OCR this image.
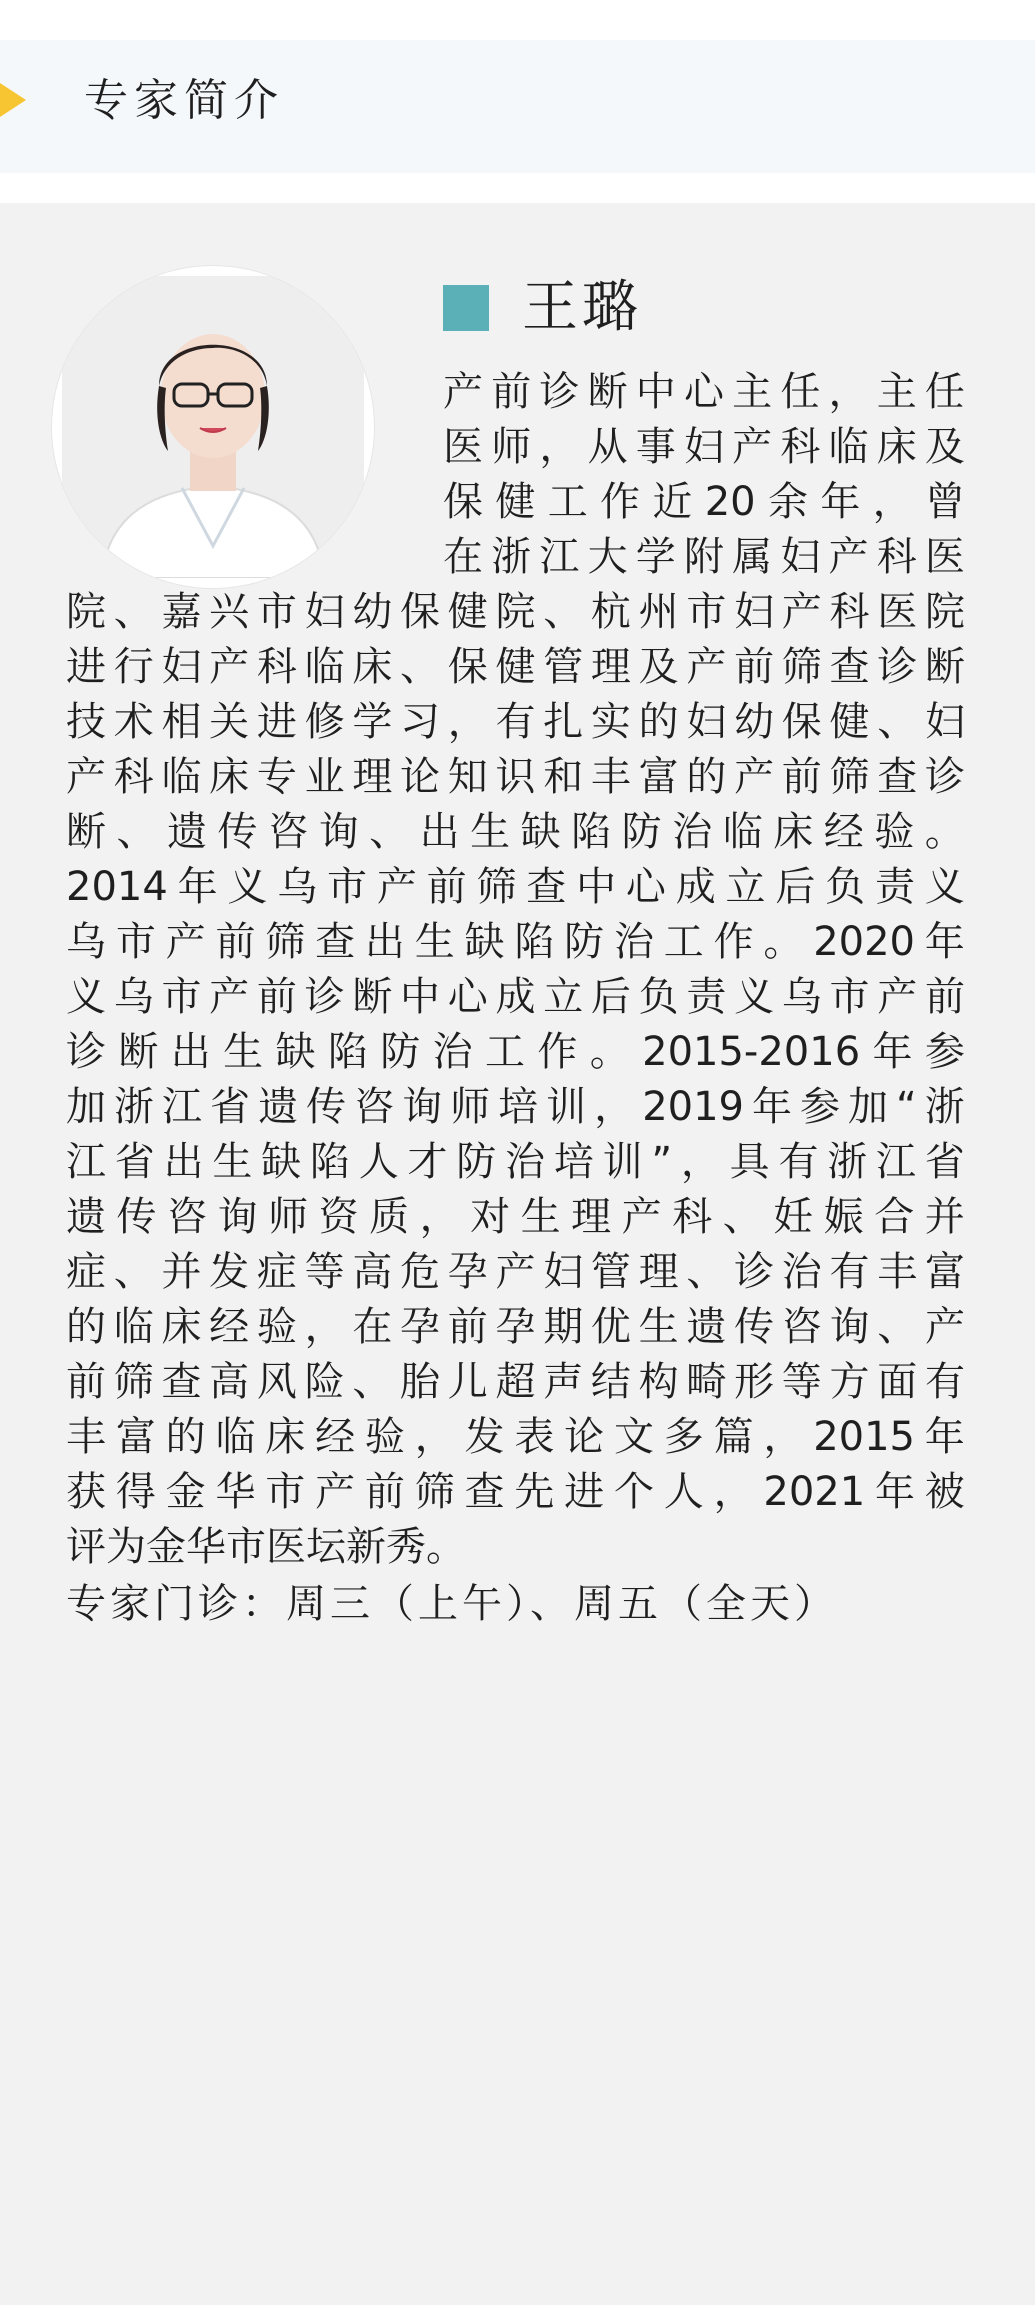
专家简介
王璐
产 前 诊 断 中 心 主 任 ， 主 任
医 师 ， 从 事 妇 产 科 临 床 及
保 健 工 作 近 20 余 年 ， 曾
在 浙 江 大 学 附 属 妇 产 科 医
院 、 嘉 兴 市 妇 幼 保 健 院 、 杭 州 市 妇 产 科 医 院
进 行 妇 产 科 临 床 、 保 健 管 理 及 产 前 筛 查 诊 断
技 术 相 关 进 修 学 习 ， 有 扎 实 的 妇 幼 保 健 、 妇
产 科 临 床 专 业 理 论 知 识 和 丰 富 的 产 前 筛 查 诊
断 、 遗 传 咨 询 、 出 生 缺 陷 防 治 临 床 经 验 。
2014 年 义 乌 市 产 前 筛 查 中 心 成 立 后 负 责 义
乌 市 产 前 筛 查 出 生 缺 陷 防 治 工 作 。 2020 年
义 乌 市 产 前 诊 断 中 心 成 立 后 负 责 义 乌 市 产 前
诊 断 出 生 缺 陷 防 治 工 作 。 2015-2016 年 参
加 浙 江 省 遗 传 咨 询 师 培 训 ， 2019 年 参 加 “ 浙
江 省 出 生 缺 陷 人 才 防 治 培 训 ” ， 具 有 浙 江 省
遗 传 咨 询 师 资 质 ， 对 生 理 产 科 、 妊 娠 合 并
症 、 并 发 症 等 高 危 孕 产 妇 管 理 、 诊 治 有 丰 富
的 临 床 经 验 ， 在 孕 前 孕 期 优 生 遗 传 咨 询 、 产
前 筛 查 高 风 险 、 胎 儿 超 声 结 构 畸 形 等 方 面 有
丰 富 的 临 床 经 验 ， 发 表 论 文 多 篇 ， 2015 年
获 得 金 华 市 产 前 筛 查 先 进 个 人 ， 2021 年 被
评 为 金 华 市 医 坛 新 秀 。
专家门诊：周三（上午）、周五（全天）
